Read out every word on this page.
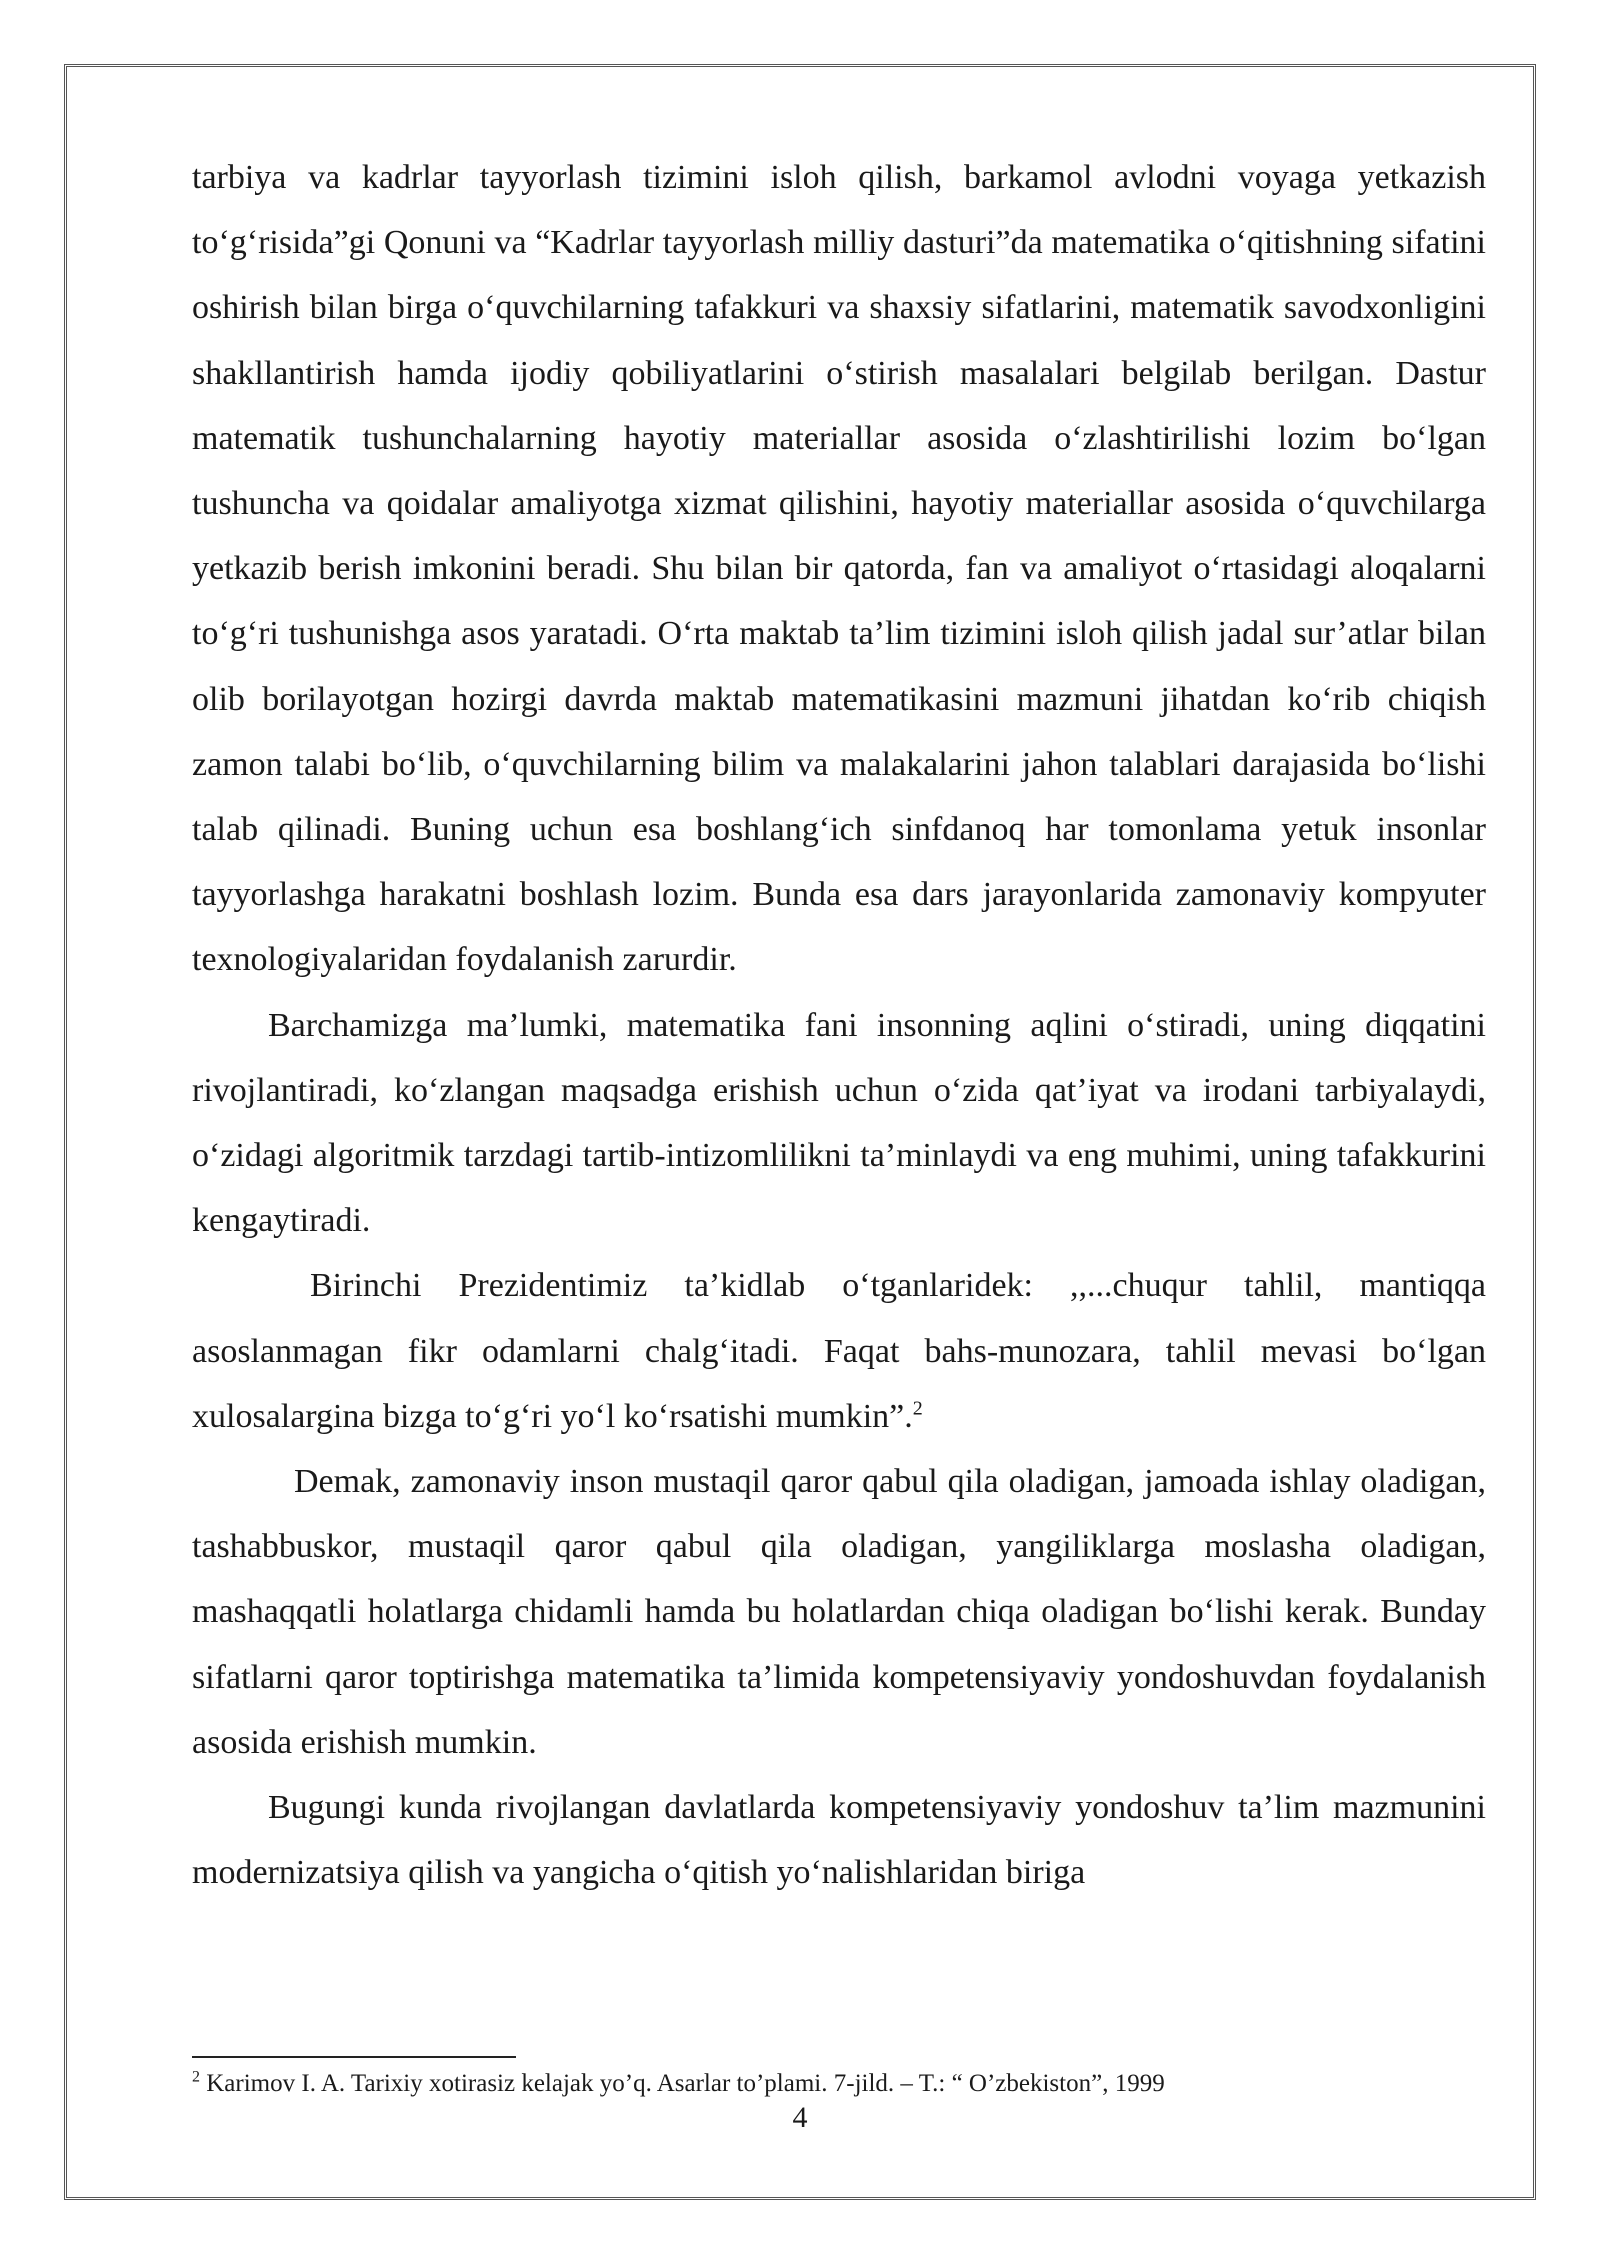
tarbiya va kadrlar tayyorlash tizimini isloh qilish, barkamol avlodni voyaga yetkazish to‘g‘risida”gi Qonuni va “Kadrlar tayyorlash milliy dasturi”da matematika o‘qitishning sifatini oshirish bilan birga o‘quvchilarning tafakkuri va shaxsiy sifatlarini, matematik savodxonligini shakllantirish hamda ijodiy qobiliyatlarini o‘stirish masalalari belgilab berilgan. Dastur matematik tushunchalarning hayotiy materiallar asosida o‘zlashtirilishi lozim bo‘lgan tushuncha va qoidalar amaliyotga xizmat qilishini, hayotiy materiallar asosida o‘quvchilarga yetkazib berish imkonini beradi. Shu bilan bir qatorda, fan va amaliyot o‘rtasidagi aloqalarni to‘g‘ri tushunishga asos yaratadi. O‘rta maktab ta’lim tizimini isloh qilish jadal sur’atlar bilan olib borilayotgan hozirgi davrda maktab matematikasini mazmuni jihatdan ko‘rib chiqish zamon talabi bo‘lib, o‘quvchilarning bilim va malakalarini jahon talablari darajasida bo‘lishi talab qilinadi. Buning uchun esa boshlang‘ich sinfdanoq har tomonlama yetuk insonlar tayyorlashga harakatni boshlash lozim. Bunda esa dars jarayonlarida zamonaviy kompyuter texnologiyalaridan foydalanish zarurdir.

Barchamizga ma’lumki, matematika fani insonning aqlini o‘stiradi, uning diqqatini rivojlantiradi, ko‘zlangan maqsadga erishish uchun o‘zida qat’iyat va irodani tarbiyalaydi, o‘zidagi algoritmik tarzdagi tartib-intizomlilikni ta’minlaydi va eng muhimi, uning tafakkurini kengaytiradi.

Birinchi Prezidentimiz ta’kidlab o‘tganlaridek: ,,...chuqur tahlil, mantiqqa asoslanmagan fikr odamlarni chalg‘itadi. Faqat bahs-munozara, tahlil mevasi bo‘lgan xulosalargina bizga to‘g‘ri yo‘l ko‘rsatishi mumkin”.$^2$

Demak, zamonaviy inson mustaqil qaror qabul qila oladigan, jamoada ishlay oladigan, tashabbuskor, mustaqil qaror qabul qila oladigan, yangiliklarga moslasha oladigan, mashaqqatli holatlarga chidamli hamda bu holatlardan chiqa oladigan bo‘lishi kerak. Bunday sifatlarni qaror toptirishga matematika ta’limida kompetensiyaviy yondoshuvdan foydalanish asosida erishish mumkin.

Bugungi kunda rivojlangan davlatlarda kompetensiyaviy yondoshuv ta’lim mazmunini modernizatsiya qilish va yangicha o‘qitish yo‘nalishlaridan biriga

$^2$ Karimov I. A. Tarixiy xotirasiz kelajak yo’q. Asarlar to’plami. 7-jild. – T.: “ O’zbekiston”, 1999
4
